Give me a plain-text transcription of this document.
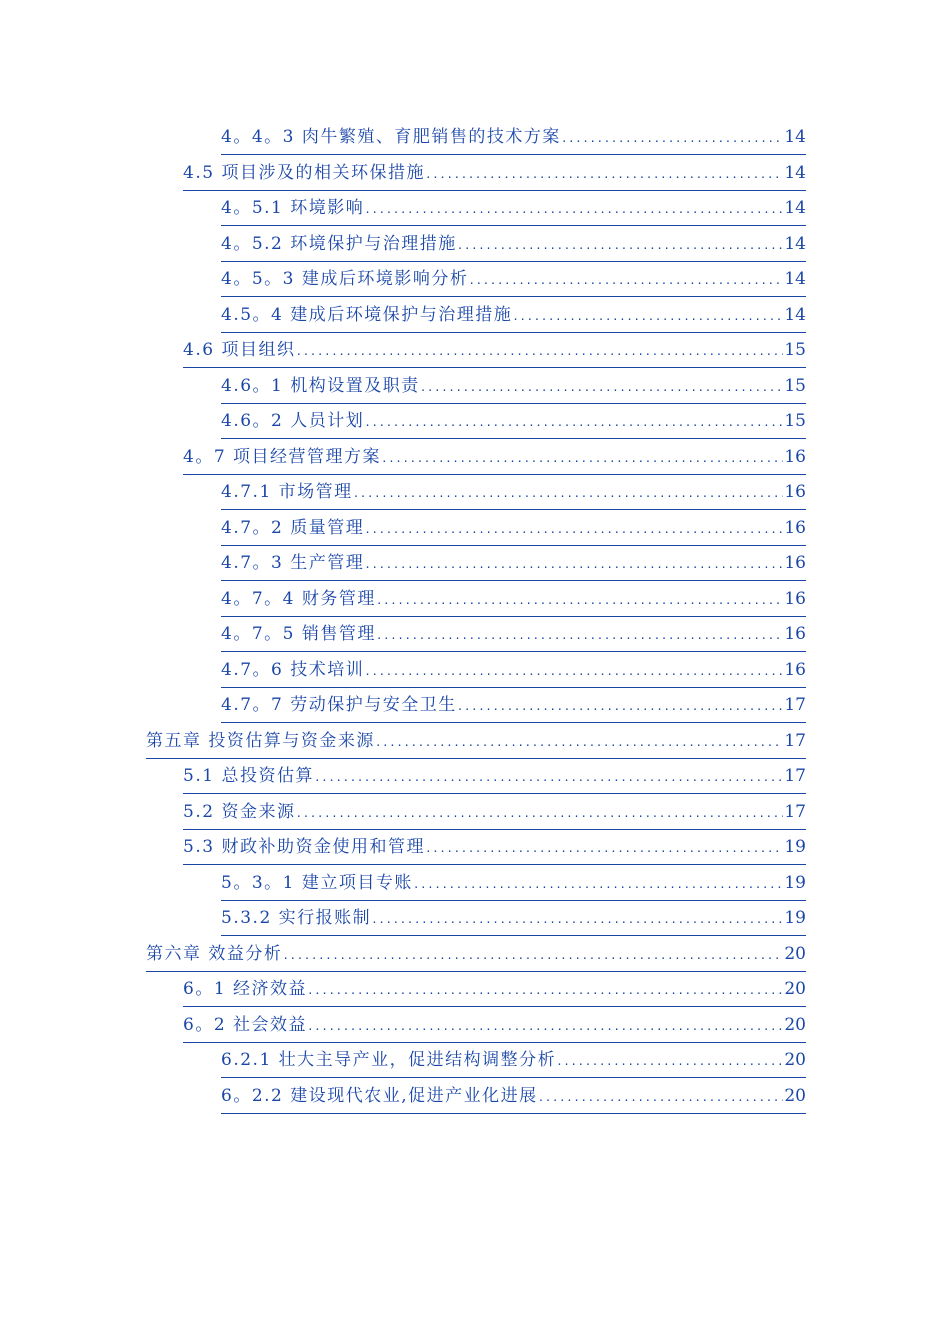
4。4。3 肉牛繁殖、育肥销售的技术方案 .....	14
4.5 项目涉及的相关环保措施 .....	14
4。5.1 环境影响 .....	14
4。5.2 环境保护与治理措施 .....	14
4。5。3 建成后环境影响分析 .....	14
4.5。4 建成后环境保护与治理措施 .....	14
4.6 项目组织 .....	15
4.6。1 机构设置及职责 .....	15
4.6。2 人员计划 .....	15
4。7 项目经营管理方案 .....	16
4.7.1 市场管理 .....	16
4.7。2 质量管理 .....	16
4.7。3 生产管理 .....	16
4。7。4 财务管理 .....	16
4。7。5 销售管理 .....	16
4.7。6 技术培训 .....	16
4.7。7 劳动保护与安全卫生 .....	17
第五章 投资估算与资金来源 .....	17
5.1 总投资估算 .....	17
5.2 资金来源 .....	17
5.3 财政补助资金使用和管理 .....	19
5。3。1 建立项目专账 .....	19
5.3.2 实行报账制 .....	19
第六章 效益分析 .....	20
6。1 经济效益 .....	20
6。2 社会效益 .....	20
6.2.1 壮大主导产业，促进结构调整分析 .....	20
6。2.2 建设现代农业,促进产业化进展 .....	20
